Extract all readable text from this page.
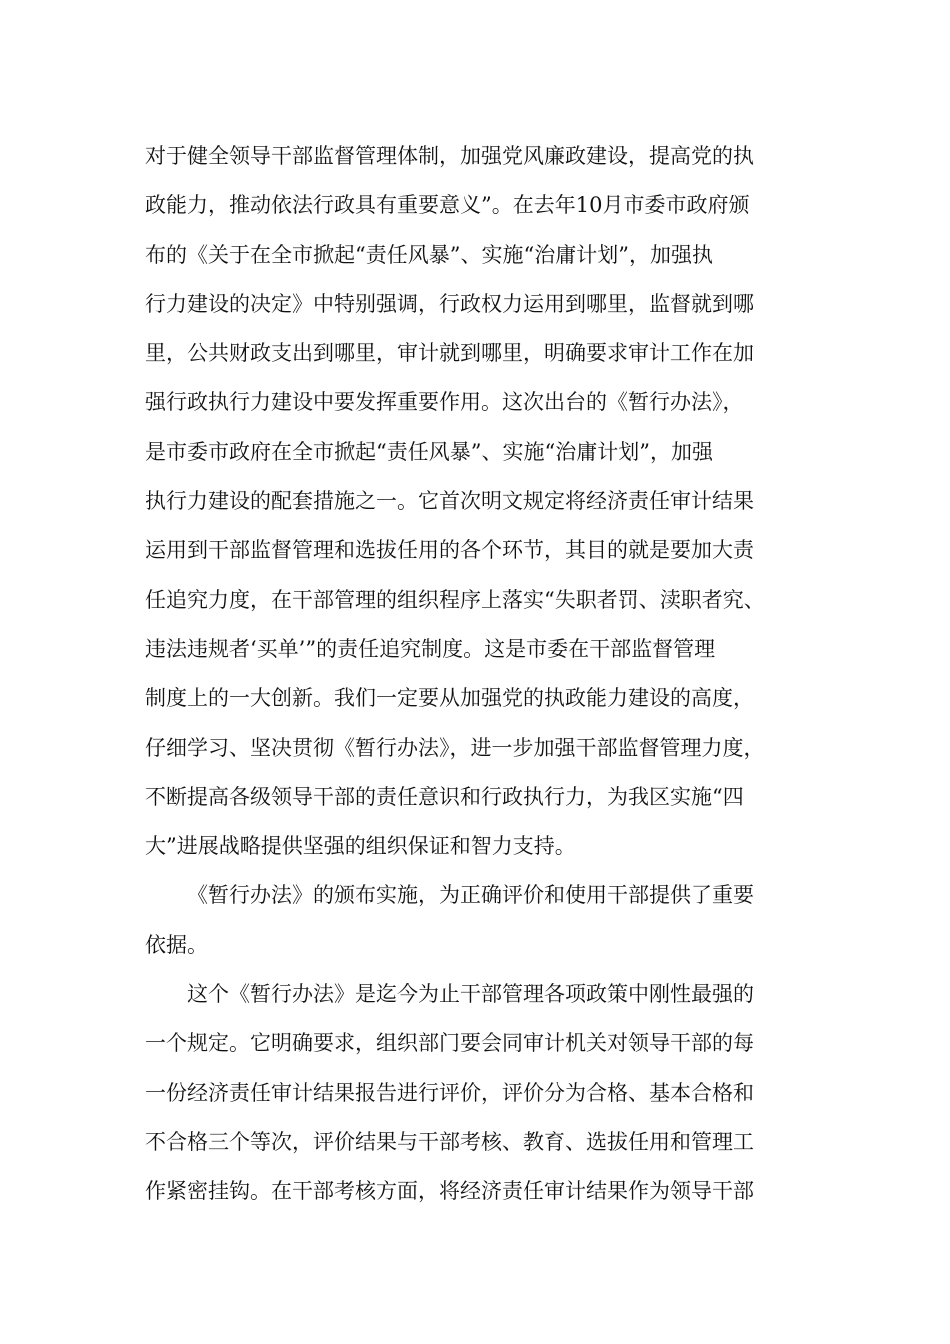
对于健全领导干部监督管理体制，加强党风廉政建设，提高党的执
政能力，推动依法行政具有重要意义”。在去年10月市委市政府颁
布的《关于在全市掀起“责任风暴”、实施“治庸计划”，加强执
行力建设的决定》中特别强调，行政权力运用到哪里，监督就到哪
里，公共财政支出到哪里，审计就到哪里，明确要求审计工作在加
强行政执行力建设中要发挥重要作用。这次出台的《暂行办法》，
是市委市政府在全市掀起“责任风暴”、实施“治庸计划”，加强
执行力建设的配套措施之一。它首次明文规定将经济责任审计结果
运用到干部监督管理和选拔任用的各个环节，其目的就是要加大责
任追究力度，在干部管理的组织程序上落实“失职者罚、渎职者究、
违法违规者‘买单’”的责任追究制度。这是市委在干部监督管理
制度上的一大创新。我们一定要从加强党的执政能力建设的高度，
仔细学习、坚决贯彻《暂行办法》，进一步加强干部监督管理力度，
不断提高各级领导干部的责任意识和行政执行力，为我区实施“四
大”进展战略提供坚强的组织保证和智力支持。
《暂行办法》的颁布实施，为正确评价和使用干部提供了重要
依据。
这个《暂行办法》是迄今为止干部管理各项政策中刚性最强的
一个规定。它明确要求，组织部门要会同审计机关对领导干部的每
一份经济责任审计结果报告进行评价，评价分为合格、基本合格和
不合格三个等次，评价结果与干部考核、教育、选拔任用和管理工
作紧密挂钩。在干部考核方面，将经济责任审计结果作为领导干部
